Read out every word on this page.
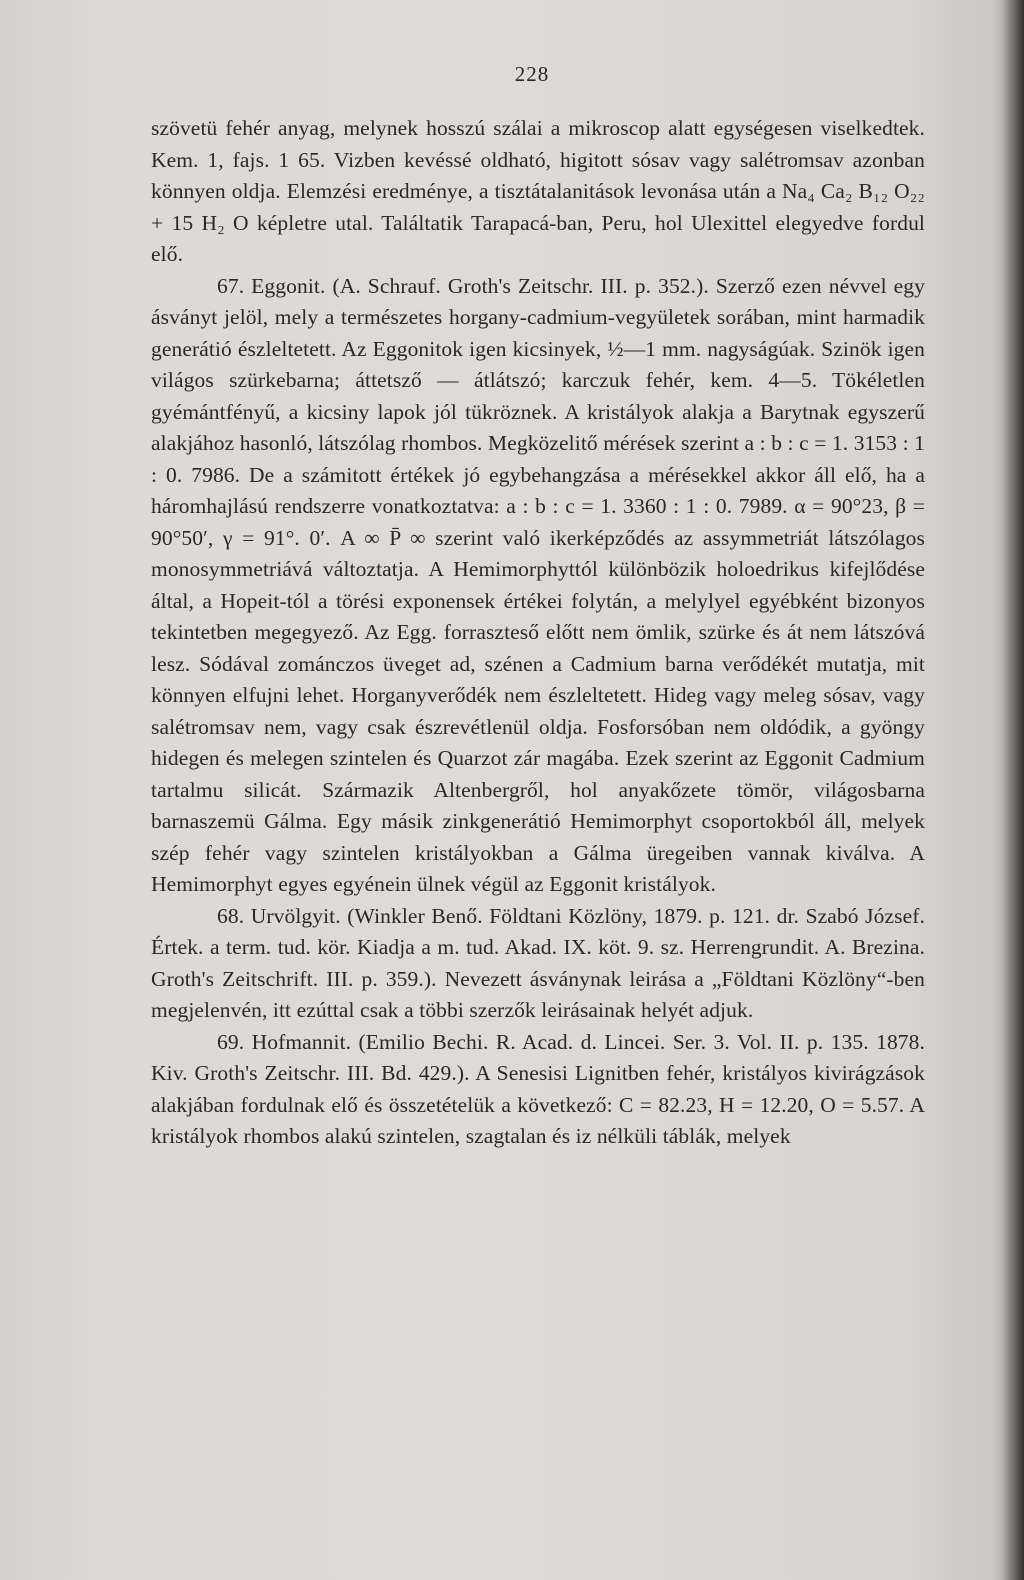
228

szövetü fehér anyag, melynek hosszú szálai a mikroscop alatt egységesen viselkedtek. Kem. 1, fajs. 1 65. Vizben kevéssé oldható, higitott sósav vagy salétromsav azonban könnyen oldja. Elemzési eredménye, a tisztátalanitások levonása után a Na₄ Ca₂ B₁₂ O₂₂ + 15 H₂ O képletre utal. Találtatik Tarapacá-ban, Peru, hol Ulexittel elegyedve fordul elő.

67. Eggonit. (A. Schrauf. Groth's Zeitschr. III. p. 352.). Szerző ezen névvel egy ásványt jelöl, mely a természetes horgany-cadmium-vegyületek sorában, mint harmadik generátió észleltetett. Az Eggonitok igen kicsinyek, ½—1 mm. nagyságúak. Szinök igen világos szürkebarna; áttetsző — átlátszó; karczuk fehér, kem. 4—5. Tökéletlen gyémántfényű, a kicsiny lapok jól tükröznek. A kristályok alakja a Barytnak egyszerű alakjához hasonló, látszólag rhombos. Megközelitő mérések szerint a : b : c = 1. 3153 : 1 : 0. 7986. De a számitott értékek jó egybehangzása a mérésekkel akkor áll elő, ha a háromhajlású rendszerre vonatkoztatva: a : b : c = 1. 3360 : 1 : 0. 7989. α = 90°23, β = 90°50′, γ = 91°. 0′. A ∞ P̄ ∞ szerint való ikerképződés az assymmetriát látszólagos monosymmetriává változtatja. A Hemimorphyttól különbözik holoedrikus kifejlődése által, a Hopeit-tól a törési exponensek értékei folytán, a melylyel egyébként bizonyos tekintetben megegyező. Az Egg. forraszteső előtt nem ömlik, szürke és át nem látszóvá lesz. Sódával zománczos üveget ad, szénen a Cadmium barna verődékét mutatja, mit könnyen elfujni lehet. Horganyverődék nem észleltetett. Hideg vagy meleg sósav, vagy salétromsav nem, vagy csak észrevétlenül oldja. Fosforsóban nem oldódik, a gyöngy hidegen és melegen szintelen és Quarzot zár magába. Ezek szerint az Eggonit Cadmium tartalmu silicát. Származik Altenbergről, hol anyakőzete tömör, világosbarna barnaszemü Gálma. Egy másik zinkgenerátió Hemimorphyt csoportokból áll, melyek szép fehér vagy szintelen kristályokban a Gálma üregeiben vannak kiválva. A Hemimorphyt egyes egyénein ülnek végül az Eggonit kristályok.

68. Urvölgyit. (Winkler Benő. Földtani Közlöny, 1879. p. 121. dr. Szabó József. Értek. a term. tud. kör. Kiadja a m. tud. Akad. IX. köt. 9. sz. Herrengrundit. A. Brezina. Groth's Zeitschrift. III. p. 359.). Nevezett ásványnak leirása a „Földtani Közlöny“-ben megjelenvén, itt ezúttal csak a többi szerzők leirásainak helyét adjuk.

69. Hofmannit. (Emilio Bechi. R. Acad. d. Lincei. Ser. 3. Vol. II. p. 135. 1878. Kiv. Groth's Zeitschr. III. Bd. 429.). A Senesisi Lignitben fehér, kristályos kivirágzások alakjában fordulnak elő és összetételük a következő: C = 82.23, H = 12.20, O = 5.57. A kristályok rhombos alakú szintelen, szagtalan és iz nélküli táblák, melyek
